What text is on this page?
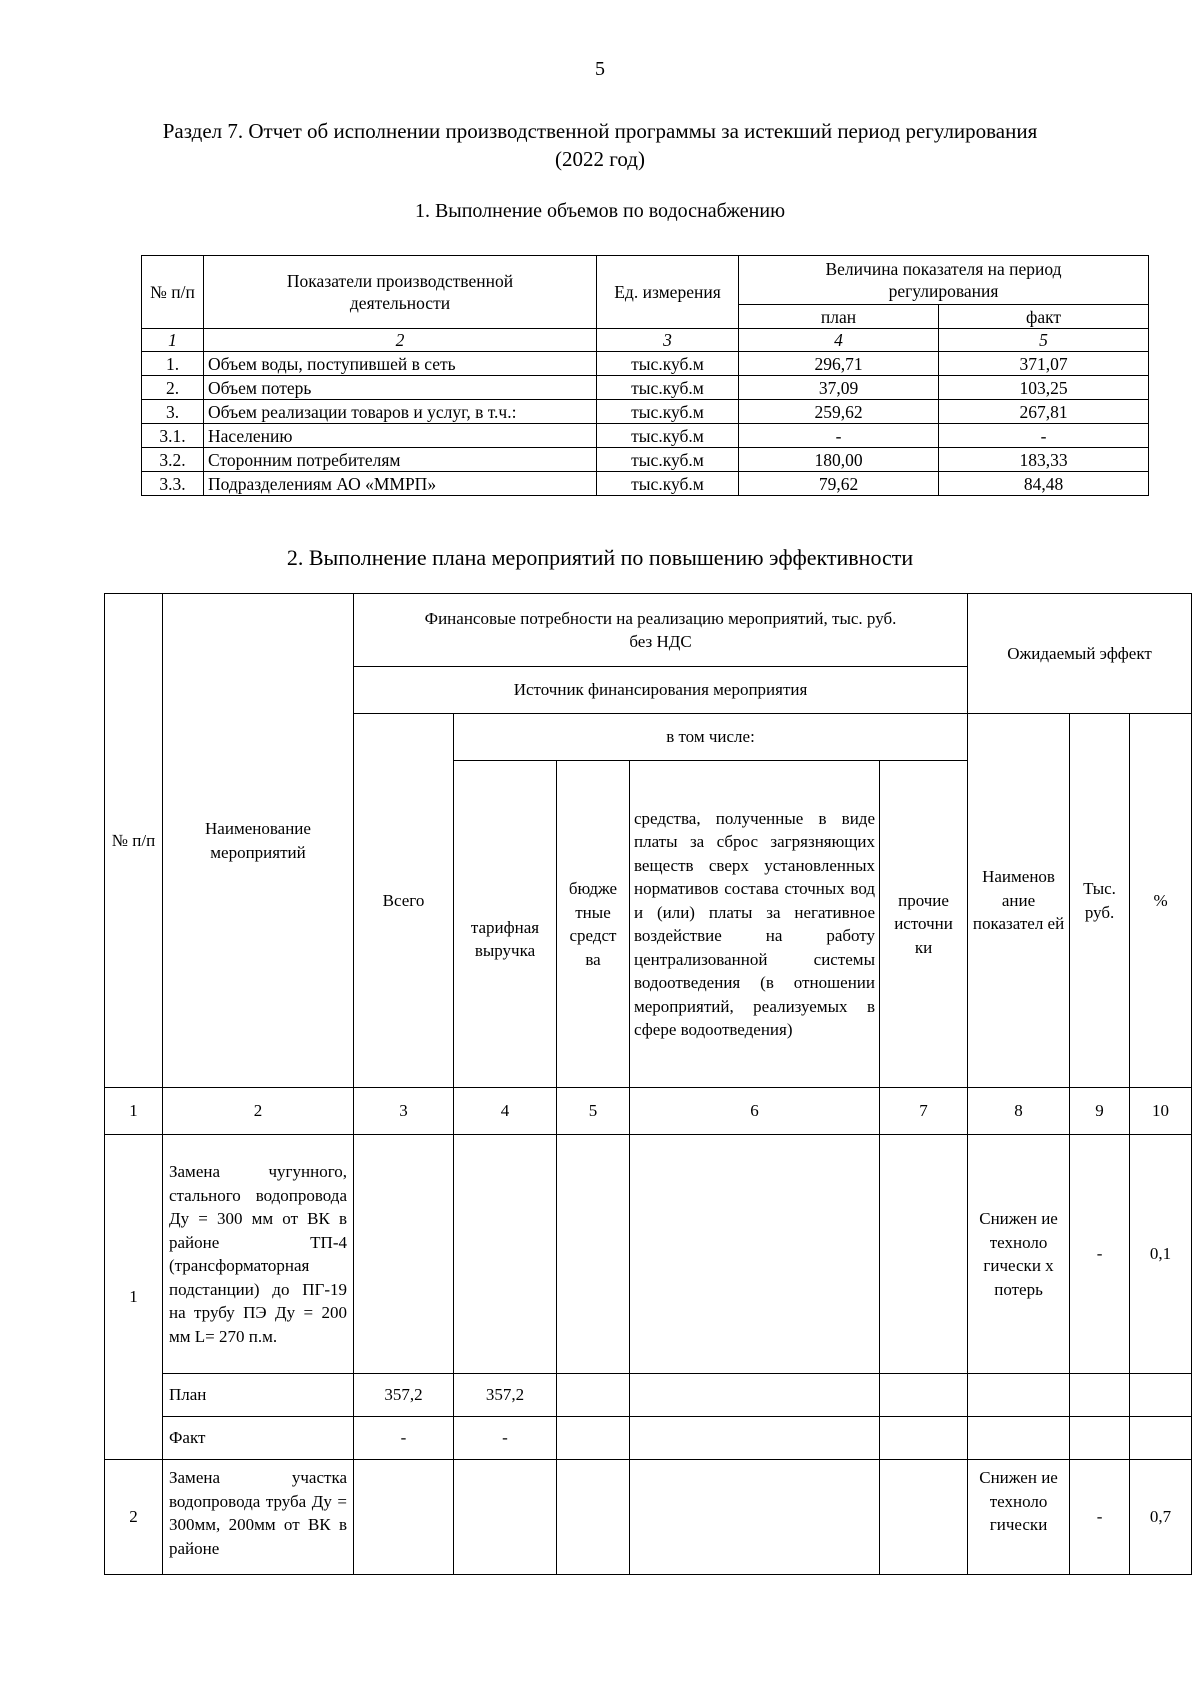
5
Раздел 7. Отчет об исполнении производственной программы за истекший период регулирования
(2022 год)
1. Выполнение объемов по водоснабжению
№ п/п	Показатели производственной деятельности	Ед. измерения	Величина показателя на период регулирования	
			план	факт
1	2	3	4	5
1.	Объем воды, поступившей в сеть	тыс.куб.м	296,71	371,07
2.	Объем потерь	тыс.куб.м	37,09	103,25
3.	Объем реализации товаров и услуг, в т.ч.:	тыс.куб.м	259,62	267,81
3.1.	Населению	тыс.куб.м	-	-
3.2.	Сторонним потребителям	тыс.куб.м	180,00	183,33
3.3.	Подразделениям АО «ММРП»	тыс.куб.м	79,62	84,48
2. Выполнение плана мероприятий по повышению эффективности
№ п/п	Наименование мероприятий	Финансовые потребности на реализацию мероприятий, тыс. руб. без НДС					Ожидаемый эффект		
		Источник финансирования мероприятия							
		Всего	в том числе:				Наименов ание показател ей	Тыс. руб.	%
			тарифная выручка	бюдже тные средст ва	средства, полученные в виде платы за сброс загрязняющих веществ сверх установленных нормативов состава сточных вод и (или) платы за негативное воздействие на работу централизованной системы водоотведения (в отношении мероприятий, реализуемых в сфере водоотведения)	прочие источни ки			
1	2	3	4	5	6	7	8	9	10
1	Замена чугунного, стального водопровода Ду = 300 мм от ВК в районе ТП-4 (трансформаторная подстанции) до ПГ-19 на трубу ПЭ Ду = 200 мм L= 270 п.м.						Снижен ие техноло гически х потерь	-	0,1
	План	357,2	357,2						
	Факт	-	-						
2	Замена участка водопровода труба Ду = 300мм, 200мм от ВК в районе						Снижен ие техноло гически	-	0,7
